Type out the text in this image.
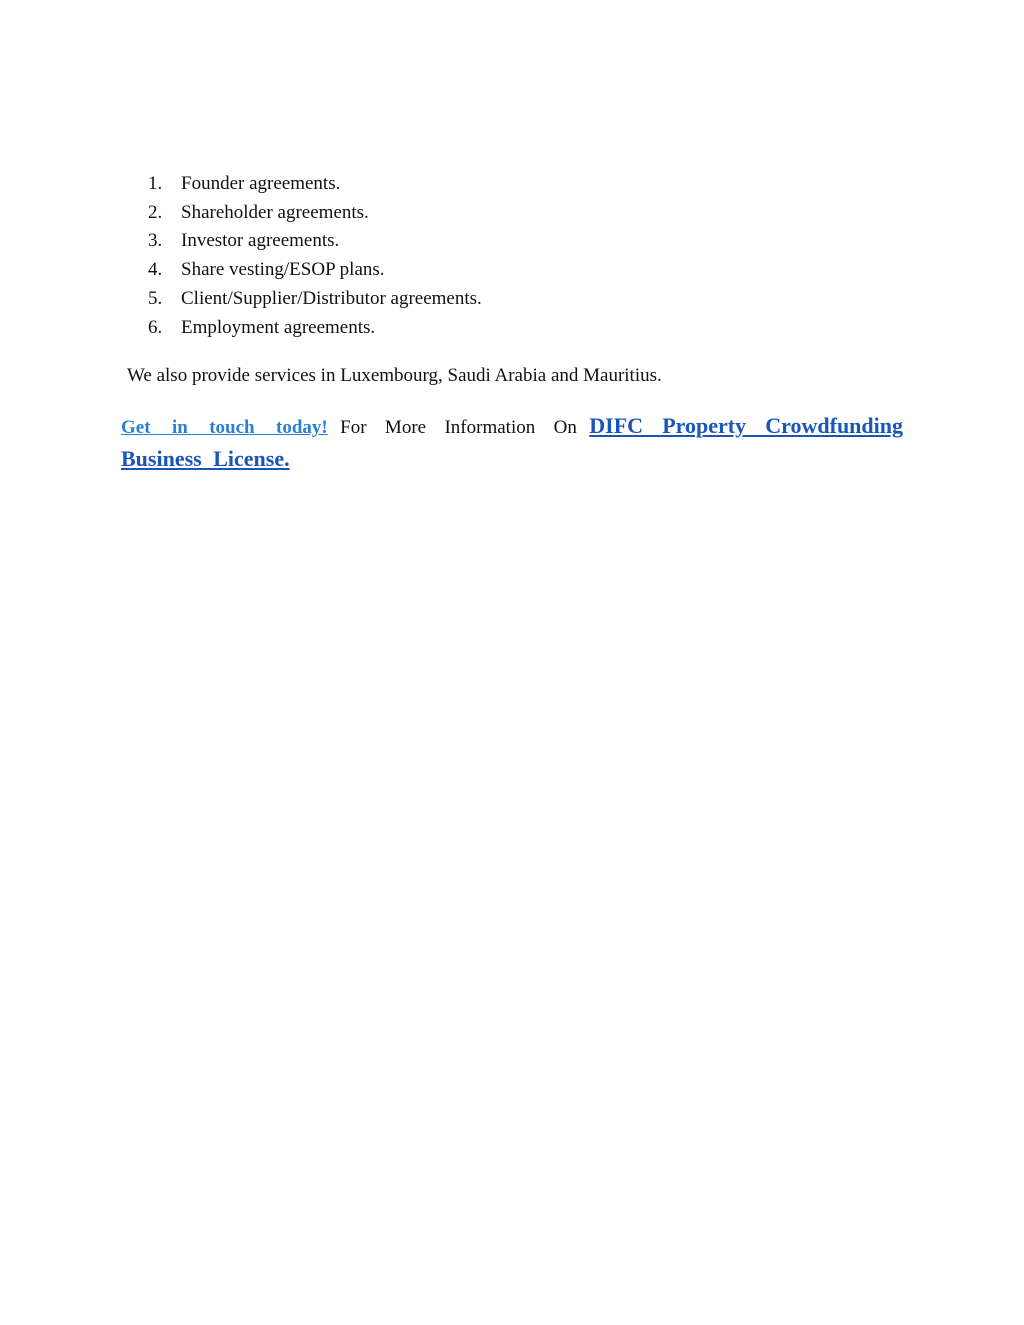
1. Founder agreements.
2. Shareholder agreements.
3. Investor agreements.
4. Share vesting/ESOP plans.
5. Client/Supplier/Distributor agreements.
6. Employment agreements.

We also provide services in Luxembourg, Saudi Arabia and Mauritius.

Get in touch today! For More Information On DIFC Property Crowdfunding Business License.
